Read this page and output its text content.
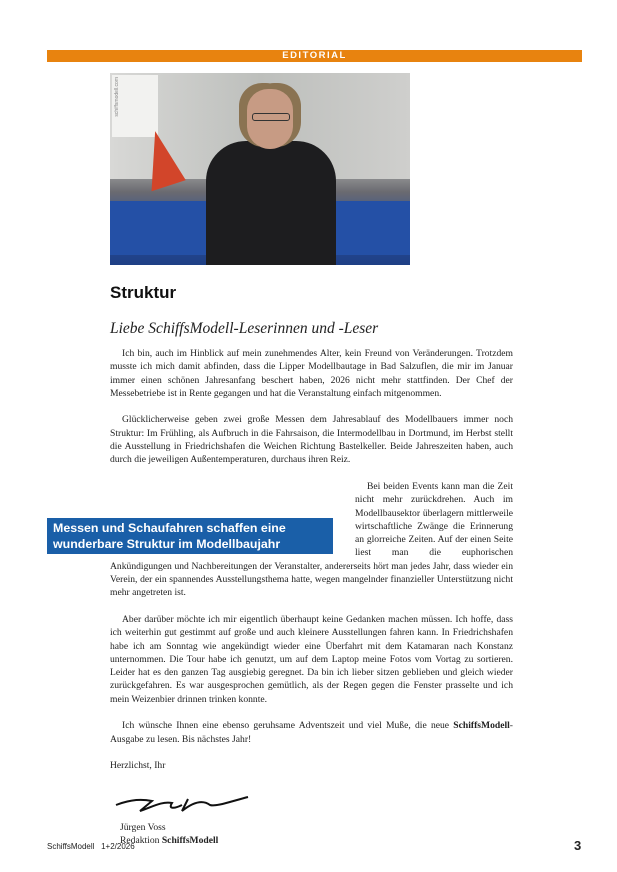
EDITORIAL
schiffsmodell.com
Struktur
Liebe SchiffsModell-Leserinnen und -Leser

Ich bin, auch im Hinblick auf mein zunehmendes Alter, kein Freund von Veränderungen. Trotzdem musste ich mich damit abfinden, dass die Lipper Modellbautage in Bad Salzuflen, die mir im Januar immer einen schönen Jahresanfang beschert haben, 2026 nicht mehr stattfinden. Der Chef der Messebetriebe ist in Rente gegangen und hat die Veranstaltung einfach mitgenommen.

Glücklicherweise geben zwei große Messen dem Jahresablauf des Modellbauers immer noch Struktur: Im Frühling, als Aufbruch in die Fahrsaison, die Intermodellbau in Dortmund, im Herbst stellt die Ausstellung in Friedrichshafen die Weichen Richtung Bastelkeller. Beide Jahreszeiten haben, auch durch die jeweiligen Außentemperaturen, durchaus ihren Reiz.

Messen und Schaufahren schaffen eine wunderbare Struktur im Modellbaujahr

Bei beiden Events kann man die Zeit nicht mehr zurückdrehen. Auch im Modellbausektor überlagern mittlerweile wirtschaftliche Zwänge die Erinnerung an glorreiche Zeiten. Auf der einen Seite liest man die euphorischen Ankündigungen und Nachbereitungen der Veranstalter, andererseits hört man jedes Jahr, dass wieder ein Verein, der ein spannendes Ausstellungsthema hatte, wegen mangelnder finanzieller Unterstützung nicht mehr angetreten ist.

Aber darüber möchte ich mir eigentlich überhaupt keine Gedanken machen müssen. Ich hoffe, dass ich weiterhin gut gestimmt auf große und auch kleinere Ausstellungen fahren kann. In Friedrichshafen habe ich am Sonntag wie angekündigt wieder eine Überfahrt mit dem Katamaran nach Konstanz unternommen. Die Tour habe ich genutzt, um auf dem Laptop meine Fotos vom Vortag zu sortieren. Leider hat es den ganzen Tag ausgiebig geregnet. Da bin ich lieber sitzen geblieben und gleich wieder zurückgefahren. Es war ausgesprochen gemütlich, als der Regen gegen die Fenster prasselte und ich mein Weizenbier drinnen trinken konnte.

Ich wünsche Ihnen eine ebenso geruhsame Adventszeit und viel Muße, die neue SchiffsModell-Ausgabe zu lesen. Bis nächstes Jahr!

Herzlichst, Ihr
Jürgen Voss
Redaktion SchiffsModell
SchiffsModell 1+2/2026	3
